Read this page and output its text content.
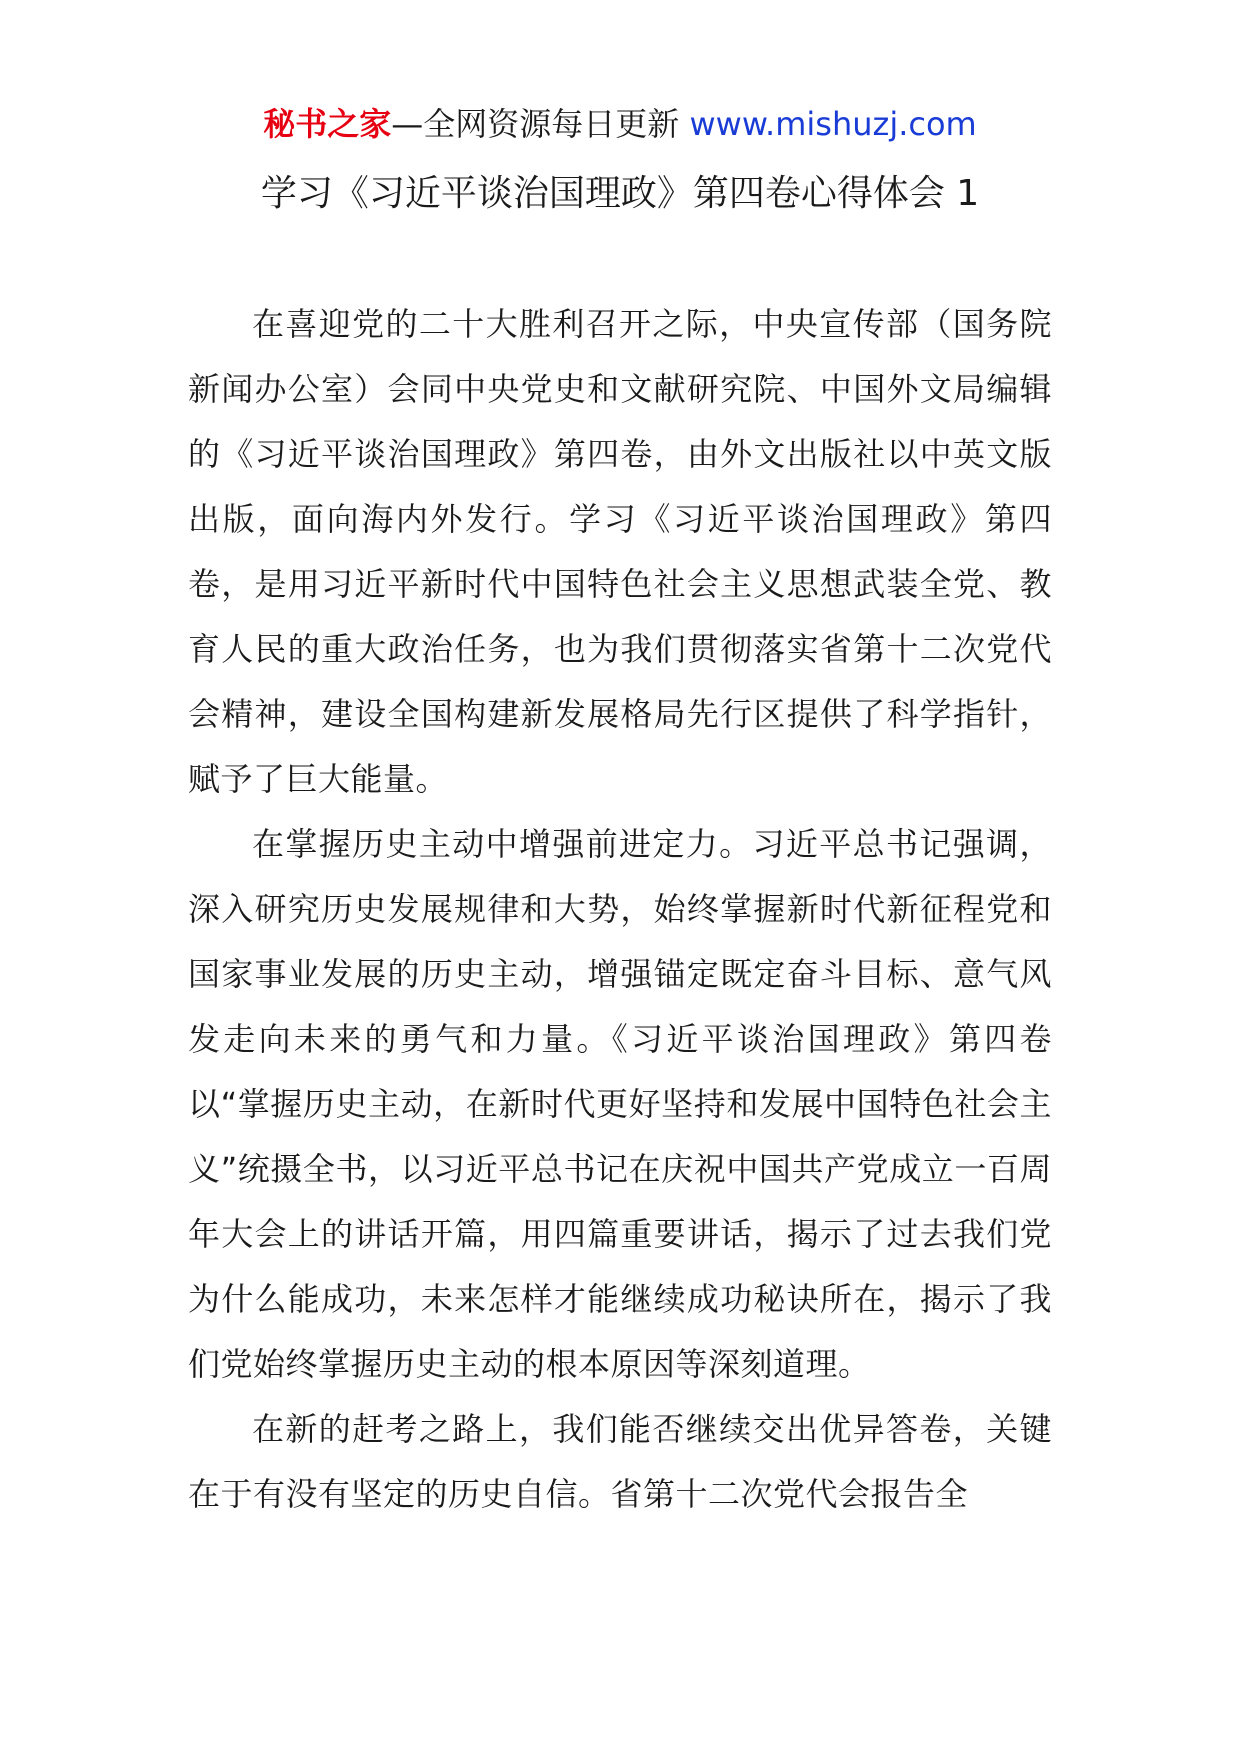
秘书之家—全网资源每日更新 www.mishuzj.com
学习《习近平谈治国理政》第四卷心得体会 1

在喜迎党的二十大胜利召开之际，中央宣传部（国务院新闻办公室）会同中央党史和文献研究院、中国外文局编辑的《习近平谈治国理政》第四卷，由外文出版社以中英文版出版，面向海内外发行。学习《习近平谈治国理政》第四卷，是用习近平新时代中国特色社会主义思想武装全党、教育人民的重大政治任务，也为我们贯彻落实省第十二次党代会精神，建设全国构建新发展格局先行区提供了科学指针，赋予了巨大能量。

在掌握历史主动中增强前进定力。习近平总书记强调，深入研究历史发展规律和大势，始终掌握新时代新征程党和国家事业发展的历史主动，增强锚定既定奋斗目标、意气风发走向未来的勇气和力量。《习近平谈治国理政》第四卷以“掌握历史主动，在新时代更好坚持和发展中国特色社会主义”统摄全书，以习近平总书记在庆祝中国共产党成立一百周年大会上的讲话开篇，用四篇重要讲话，揭示了过去我们党为什么能成功，未来怎样才能继续成功秘诀所在，揭示了我们党始终掌握历史主动的根本原因等深刻道理。

在新的赶考之路上，我们能否继续交出优异答卷，关键在于有没有坚定的历史自信。省第十二次党代会报告全
